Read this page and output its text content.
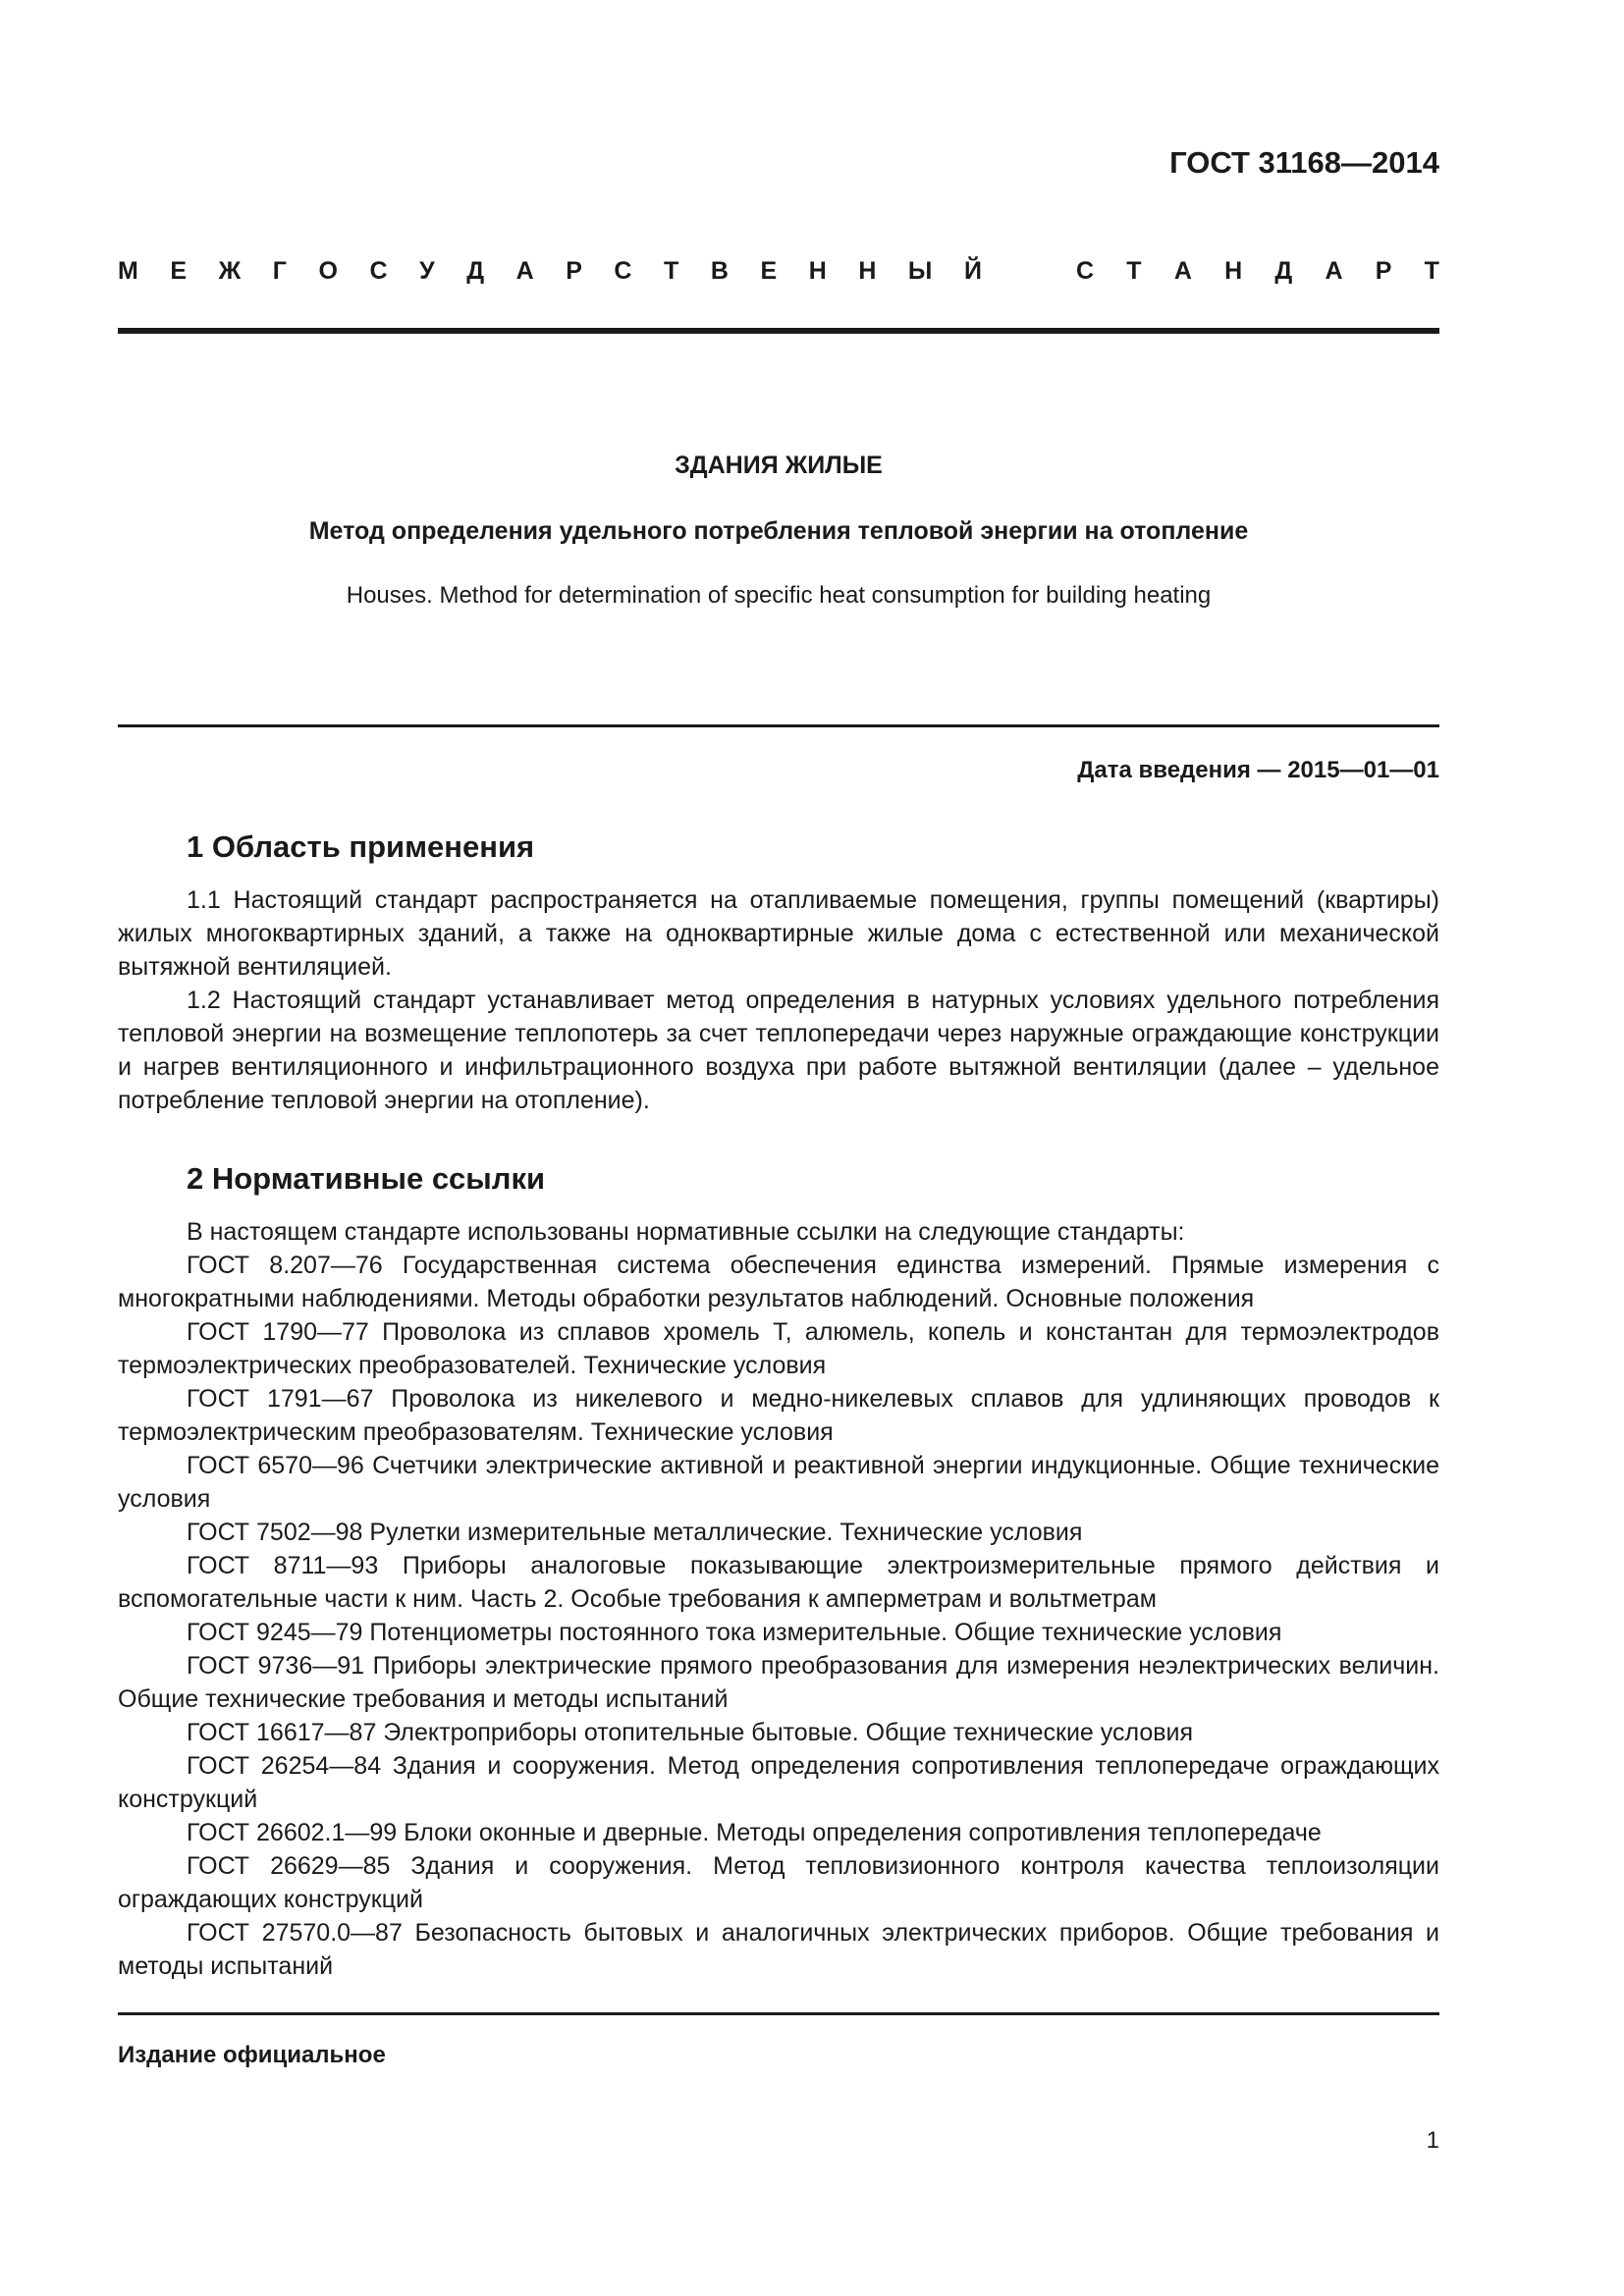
ГОСТ 31168—2014
М Е Ж Г О С У Д А Р С Т В Е Н Н Ы Й	С Т А Н Д А Р Т
ЗДАНИЯ ЖИЛЫЕ
Метод определения удельного потребления тепловой энергии на отопление
Houses. Method for determination of specific heat consumption for building heating
Дата введения — 2015—01—01
1 Область применения

1.1 Настоящий стандарт распространяется на отапливаемые помещения, группы помещений (квартиры) жилых многоквартирных зданий, а также на одноквартирные жилые дома с естественной или механической вытяжной вентиляцией.

1.2 Настоящий стандарт устанавливает метод определения в натурных условиях удельного потребления тепловой энергии на возмещение теплопотерь за счет теплопередачи через наружные ограждающие конструкции и нагрев вентиляционного и инфильтрационного воздуха при работе вытяжной вентиляции (далее – удельное потребление тепловой энергии на отопление).

2 Нормативные ссылки

В настоящем стандарте использованы нормативные ссылки на следующие стандарты:

ГОСТ 8.207—76 Государственная система обеспечения единства измерений. Прямые измерения с многократными наблюдениями. Методы обработки результатов наблюдений. Основные положения

ГОСТ 1790—77 Проволока из сплавов хромель Т, алюмель, копель и константан для термоэлектродов термоэлектрических преобразователей. Технические условия

ГОСТ 1791—67 Проволока из никелевого и медно-никелевых сплавов для удлиняющих проводов к термоэлектрическим преобразователям. Технические условия

ГОСТ 6570—96 Счетчики электрические активной и реактивной энергии индукционные. Общие технические условия

ГОСТ 7502—98 Рулетки измерительные металлические. Технические условия

ГОСТ 8711—93 Приборы аналоговые показывающие электроизмерительные прямого действия и вспомогательные части к ним. Часть 2. Особые требования к амперметрам и вольтметрам

ГОСТ 9245—79 Потенциометры постоянного тока измерительные. Общие технические условия

ГОСТ 9736—91 Приборы электрические прямого преобразования для измерения неэлектрических величин. Общие технические требования и методы испытаний

ГОСТ 16617—87 Электроприборы отопительные бытовые. Общие технические условия

ГОСТ 26254—84 Здания и сооружения. Метод определения сопротивления теплопередаче ограждающих конструкций

ГОСТ 26602.1—99 Блоки оконные и дверные. Методы определения сопротивления теплопередаче

ГОСТ 26629—85 Здания и сооружения. Метод тепловизионного контроля качества теплоизоляции ограждающих конструкций

ГОСТ 27570.0—87 Безопасность бытовых и аналогичных электрических приборов. Общие требования и методы испытаний

Издание официальное
1
